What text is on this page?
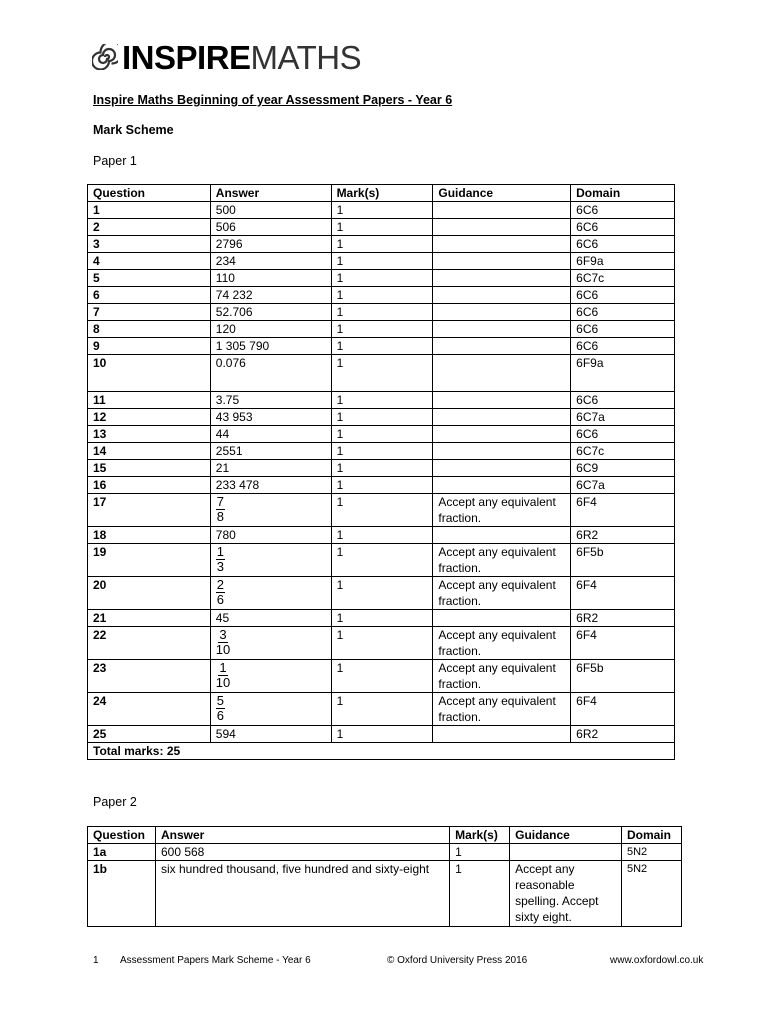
INSPIREMATHS
Inspire Maths Beginning of year Assessment Papers - Year 6
Mark Scheme
Paper 1
Question	Answer	Mark(s)	Guidance	Domain
1	500	1		6C6
2	506	1		6C6
3	2796	1		6C6
4	234	1		6F9a
5	110	1		6C7c
6	74 232	1		6C6
7	52.706	1		6C6
8	120	1		6C6
9	1 305 790	1		6C6
10	0.076	1		6F9a
11	3.75	1		6C6
12	43 953	1		6C7a
13	44	1		6C6
14	2551	1		6C7c
15	21	1		6C9
16	233 478	1		6C7a
17	$\frac{7}{8}$	1	Accept any equivalent fraction.	6F4
18	780	1		6R2
19	$\frac{1}{3}$	1	Accept any equivalent fraction.	6F5b
20	$\frac{2}{6}$	1	Accept any equivalent fraction.	6F4
21	45	1		6R2
22	$\frac{3}{10}$	1	Accept any equivalent fraction.	6F4
23	$\frac{1}{10}$	1	Accept any equivalent fraction.	6F5b
24	$\frac{5}{6}$	1	Accept any equivalent fraction.	6F4
25	594	1		6R2
Total marks: 25				
Paper 2
Question	Answer	Mark(s)	Guidance	Domain
1a	600 568	1		5N2
1b	six hundred thousand, five hundred and sixty-eight	1	Accept any reasonable spelling. Accept sixty eight.	5N2
1 Assessment Papers Mark Scheme - Year 6	© Oxford University Press 2016	www.oxfordowl.co.uk
